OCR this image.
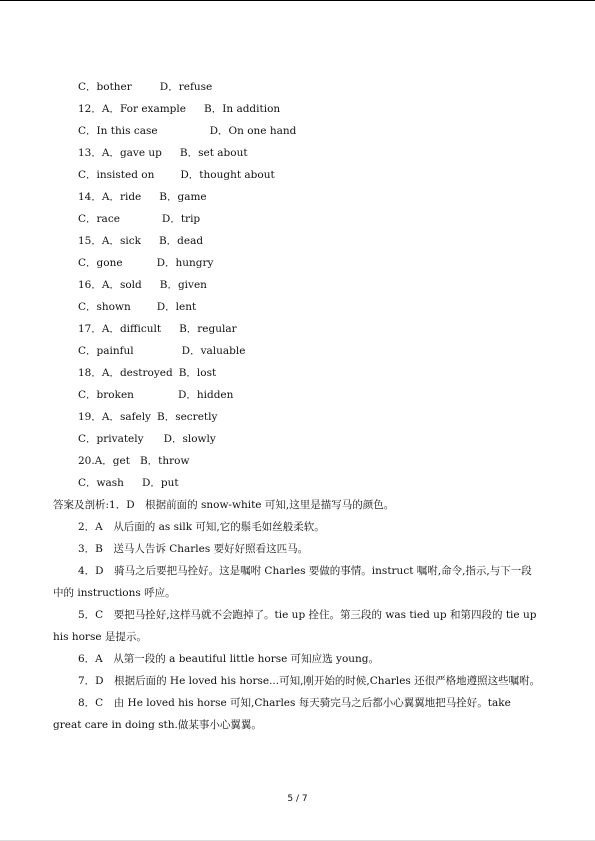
C．bother	D．refuse
12．A．For example B．In addition
C．In this case	D．On one hand
13．A．gave up B．set about
C．insisted on D．thought about
14．A．ride B．game
C．race	D．trip
15．A．sick B．dead
C．gone	D．hungry
16．A．sold B．given
C．shown D．lent
17．A．difficult B．regular
C．painful	D．valuable
18．A．destroyed B．lost
C．broken	D．hidden
19．A．safely B．secretly
C．privately D．slowly
20.A．get B．throw
C．wash D．put
答案及剖析:1．D　根据前面的 snow-white 可知,这里是描写马的颜色。

2．A　从后面的 as silk 可知,它的鬃毛如丝般柔软。

3．B　送马人告诉 Charles 要好好照看这匹马。

4．D　骑马之后要把马拴好。这是嘱咐 Charles 要做的事情。instruct 嘱咐,命令,指示,与下一段中的 instructions 呼应。

5．C　要把马拴好,这样马就不会跑掉了。tie up 拴住。第三段的 was tied up 和第四段的 tie up his horse 是提示。

6．A　从第一段的 a beautiful little horse 可知应选 young。

7．D　根据后面的 He loved his horse...可知,刚开始的时候,Charles 还很严格地遵照这些嘱咐。

8．C　由 He loved his horse 可知,Charles 每天骑完马之后都小心翼翼地把马拴好。take great care in doing sth.做某事小心翼翼。

5 / 7
